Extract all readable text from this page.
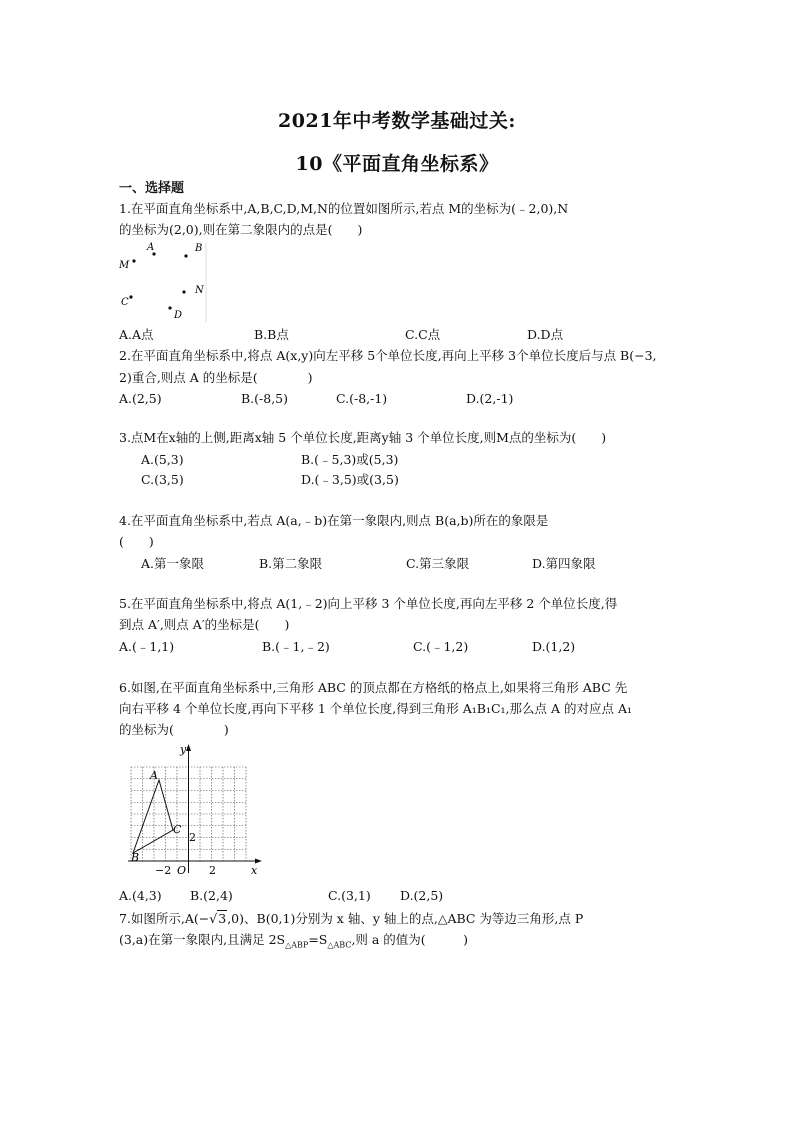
2021年中考数学基础过关:
10《平面直角坐标系》
一、选择题
1.在平面直角坐标系中,A,B,C,D,M,N的位置如图所示,若点 M的坐标为(﹣2,0),N
的坐标为(2,0),则在第二象限内的点是(　　)
A	B
M
N
C
D
A.A点	B.B点	C.C点	D.D点
2.在平面直角坐标系中,将点 A(x,y)向左平移 5个单位长度,再向上平移 3个单位长度后与点 B(−3,
2)重合,则点 A 的坐标是(　　　　)
A.(2,5)	B.(-8,5)	C.(-8,-1)	D.(2,-1)
3.点M在x轴的上侧,距离x轴 5 个单位长度,距离y轴 3 个单位长度,则M点的坐标为(　　)
A.(5,3)	B.(﹣5,3)或(5,3)
C.(3,5)	D.(﹣3,5)或(3,5)
4.在平面直角坐标系中,若点 A(a,﹣b)在第一象限内,则点 B(a,b)所在的象限是
(　　)
A.第一象限	B.第二象限	C.第三象限	D.第四象限
5.在平面直角坐标系中,将点 A(1,﹣2)向上平移 3 个单位长度,再向左平移 2 个单位长度,得
到点 A′,则点 A′的坐标是(　　)
A.(﹣1,1)	B.(﹣1,﹣2)	C.(﹣1,2)	D.(1,2)
6.如图,在平面直角坐标系中,三角形 ABC 的顶点都在方格纸的格点上,如果将三角形 ABC 先
向右平移 4 个单位长度,再向下平移 1 个单位长度,得到三角形 A₁B₁C₁,那么点 A 的对应点 A₁
的坐标为(　　　　)
y
x
O
A
B
C
2
−2
2
A.(4,3) B.(2,4)	C.(3,1) D.(2,5)
7.如图所示,A(−√3,0)、B(0,1)分别为 x 轴、y 轴上的点,△ABC 为等边三角形,点 P
(3,a)在第一象限内,且满足 $2S_{\triangle ABP}=S_{\triangle ABC}$,则 a 的值为(　　　)
